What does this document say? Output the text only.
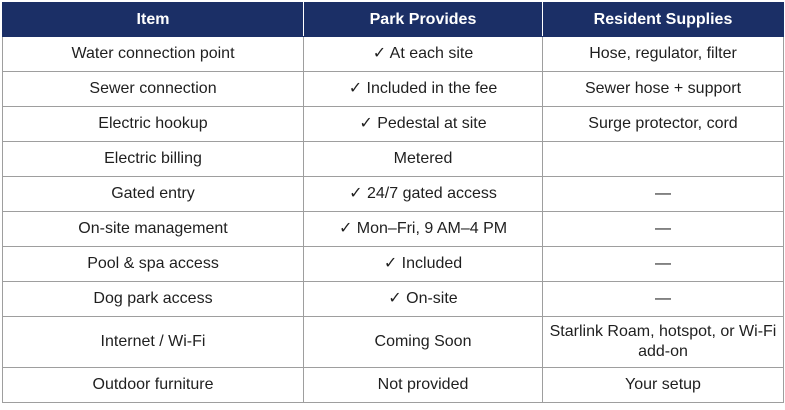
Item	Park Provides	Resident Supplies
Water connection point	✓ At each site	Hose, regulator, filter
Sewer connection	✓ Included in the fee	Sewer hose + support
Electric hookup	✓ Pedestal at site	Surge protector, cord
Electric billing	Metered	
Gated entry	✓ 24/7 gated access	—
On-site management	✓ Mon–Fri, 9 AM–4 PM	—
Pool & spa access	✓ Included	—
Dog park access	✓ On-site	—
Internet / Wi-Fi	Coming Soon	Starlink Roam, hotspot, or Wi-Fi add-on
Outdoor furniture	Not provided	Your setup
